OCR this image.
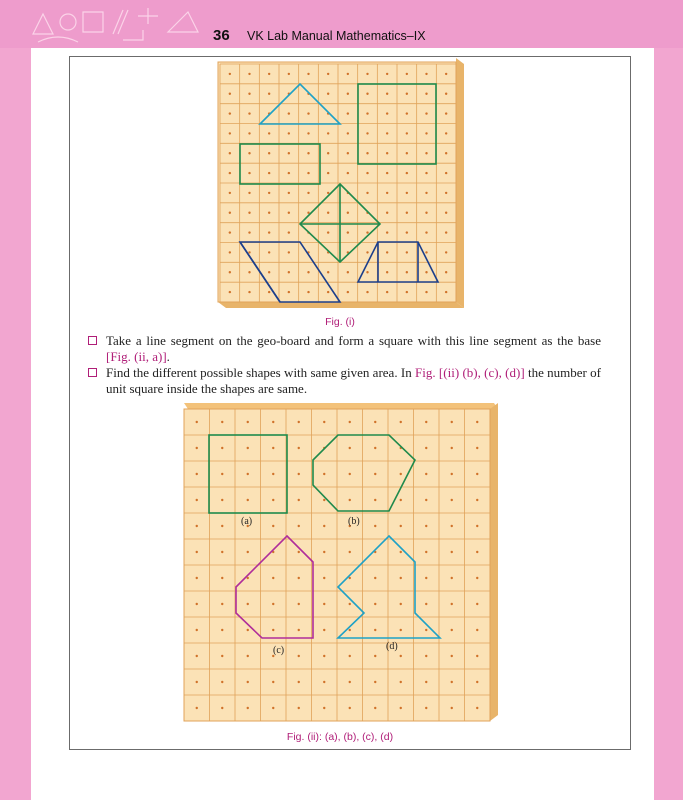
36 VK Lab Manual Mathematics–IX
Fig. (i)
Take a line segment on the geo-board and form a square with this line segment as the base [Fig. (ii, a)].
Find the different possible shapes with same given area. In Fig. [(ii) (b), (c), (d)] the number of unit square inside the shapes are same.
(a)	(b)
(c)	(d)
Fig. (ii): (a), (b), (c), (d)
